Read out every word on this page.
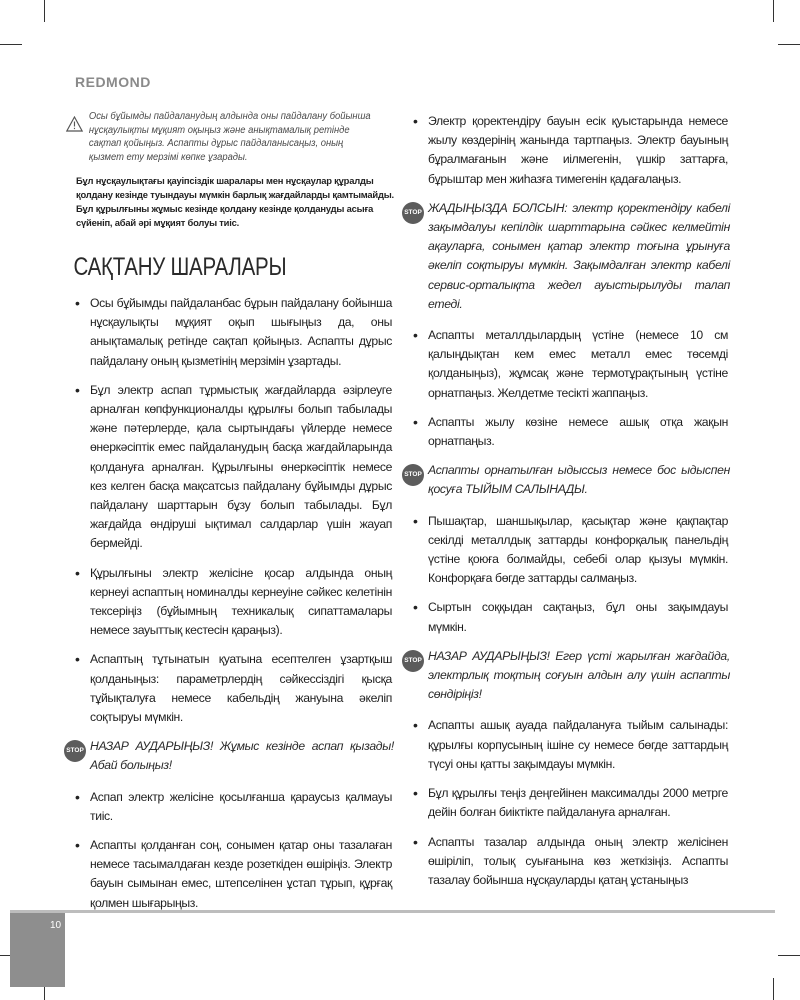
REDMOND
Осы бұйымды пайдаланудың алдында оны пайдалану бойынша нұсқаулықты мұқият оқыңыз және анықтамалық ретінде сақтап қойыңыз. Аспапты дұрыс пайдаланысаңыз, оның қызмет ету мерзімі көпке ұзарады.
Бұл нұсқаулықтағы қауіпсіздік шаралары мен нұсқаулар құралды қолдану кезінде туындауы мүмкін барлық жағдайларды қамтымайды. Бұл құрылғыны жұмыс кезінде қолдану кезінде қолдануды асыға сүйеніп, абай әрі мұқият болуы тиіс.
САҚТАНУ ШАРАЛАРЫ
• Осы бұйымды пайдаланбас бұрын пайдалану бойынша нұсқаулықты мұқият оқып шығыңыз да, оны анықтамалық ретінде сақтап қойыңыз. Аспапты дұрыс пайдалану оның қызметінің мерзімін ұзартады.
• Бұл электр аспап тұрмыстық жағдайларда әзірлеуге арналған көпфункционалды құрылғы болып табылады және пәтерлерде, қала сыртындағы үйлерде немесе өнеркәсіптік емес пайдаланудың басқа жағдайларында қолдануға арналған. Құрылғыны өнеркәсіптік немесе кез келген басқа мақсатсыз пайдалану бұйымды дұрыс пайдалану шарттарын бұзу болып табылады. Бұл жағдайда өндіруші ықтимал салдарлар үшін жауап бермейді.
• Құрылғыны электр желісіне қосар алдында оның кернеуі аспаптың номиналды кернеуіне сәйкес келетінін тексеріңіз (бұйымның техникалық сипаттамалары немесе зауыттық кестесін қараңыз).
• Аспаптың тұтынатын қуатына есептелген ұзартқыш қолданыңыз: параметрлердің сәйкессіздігі қысқа тұйықталуға немесе кабельдің жануына әкеліп соқтыруы мүмкін.
STOP НАЗАР АУДАРЫҢЫЗ! Жұмыс кезінде аспап қызады! Абай болыңыз!
• Аспап электр желісіне қосылғанша қараусыз қалмауы тиіс.
• Аспапты қолданған соң, сонымен қатар оны тазалаған немесе тасымалдаған кезде розеткіден өшіріңіз. Электр бауын сымынан емес, штепселінен ұстап тұрып, құрғақ қолмен шығарыңыз.
• Электр қоректендіру бауын есік қуыстарында немесе жылу көздерінің жанында тартпаңыз. Электр бауының бұралмағанын және иілмегенін, үшкір заттарға, бұрыштар мен жиһазға тимегенін қадағалаңыз.
STOP ЖАДЫҢЫЗДА БОЛСЫН: электр қоректендіру кабелі зақымдалуы кепілдік шарттарына сәйкес келмейтін ақауларға, сонымен қатар электр тоғына ұрынуға әкеліп соқтыруы мүмкін. Зақымдалған электр кабелі сервис-орталықта жедел ауыстырылуды талап етеді.
• Аспапты металлдылардың үстіне (немесе 10 см қалыңдықтан кем емес металл емес төсемді қолданыңыз), жұмсақ және термотұрақтының үстіне орнатпаңыз. Желдетме тесікті жаппаңыз.
• Аспапты жылу көзіне немесе ашық отқа жақын орнатпаңыз.
STOP Аспапты орнатылған ыдыссыз немесе бос ыдыспен қосуға ТЫЙЫМ САЛЫНАДЫ.
• Пышақтар, шаншықылар, қасықтар және қақпақтар секілді металлдық заттарды конфорқалық панельдің үстіне қоюға болмайды, себебі олар қызуы мүмкін. Конфорқаға бөгде заттарды салмаңыз.
• Сыртын соққыдан сақтаңыз, бұл оны зақымдауы мүмкін.
STOP НАЗАР АУДАРЫҢЫЗ! Егер үсті жарылған жағдайда, электрлық тоқтың соғуын алдын алу үшін аспапты сөндіріңіз!
• Аспапты ашық ауада пайдалануға тыйым салынады: құрылғы корпусының ішіне су немесе бөгде заттардың түсуі оны қатты зақымдауы мүмкін.
• Бұл құрылғы теңіз деңгейінен максималды 2000 метрге дейін болған биіктікте пайдалануға арналған.
• Аспапты тазалар алдында оның электр желісінен өшіріліп, толық суығанына көз жеткізіңіз. Аспапты тазалау бойынша нұсқауларды қатаң ұстаныңыз
10
